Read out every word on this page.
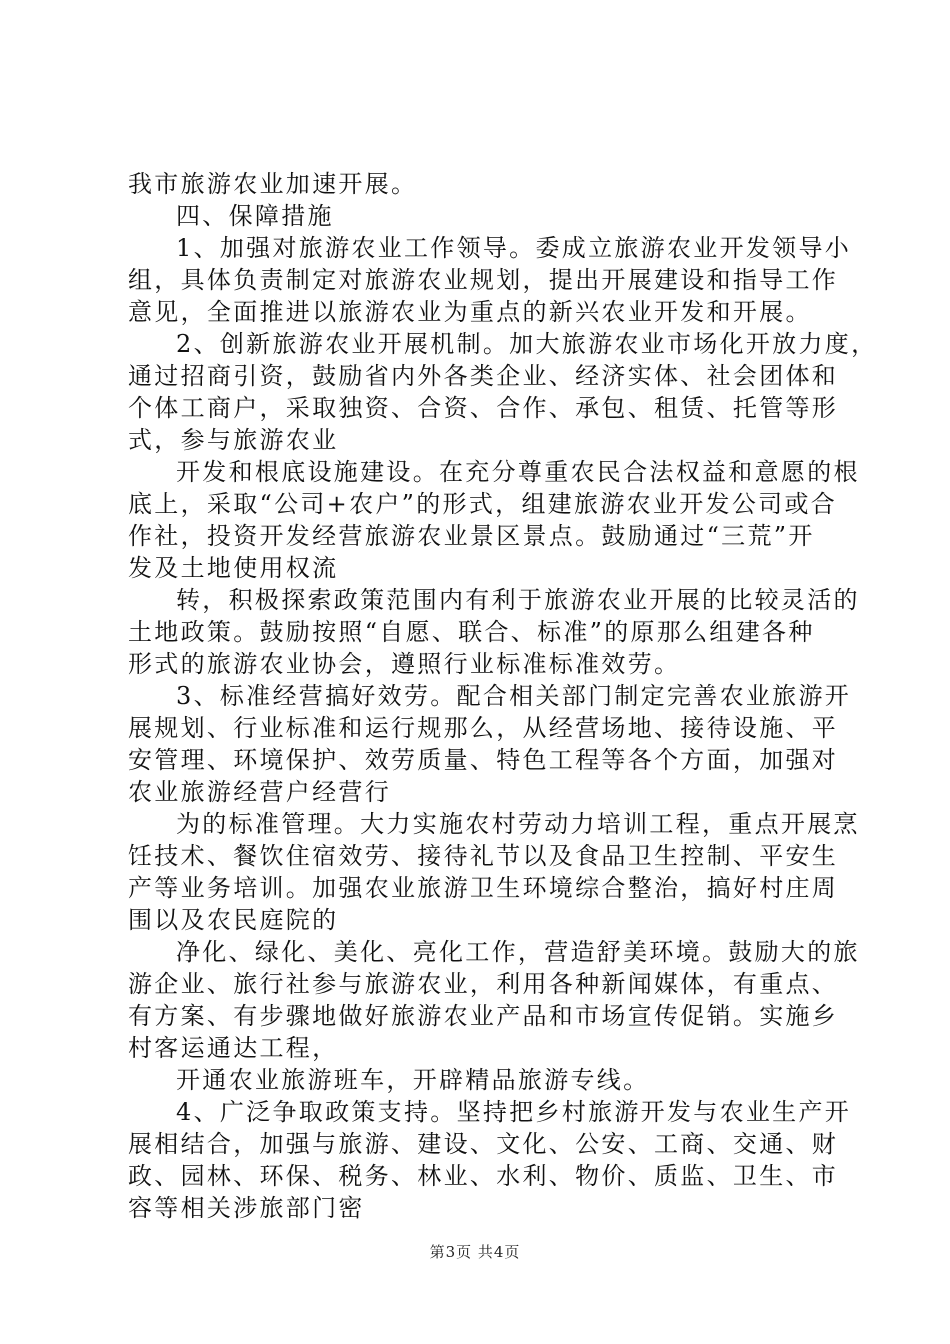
我市旅游农业加速开展。
四、保障措施
1、加强对旅游农业工作领导。委成立旅游农业开发领导小
组，具体负责制定对旅游农业规划，提出开展建设和指导工作
意见，全面推进以旅游农业为重点的新兴农业开发和开展。
2、创新旅游农业开展机制。加大旅游农业市场化开放力度，
通过招商引资，鼓励省内外各类企业、经济实体、社会团体和
个体工商户，采取独资、合资、合作、承包、租赁、托管等形
式，参与旅游农业
开发和根底设施建设。在充分尊重农民合法权益和意愿的根
底上，采取“公司+农户”的形式，组建旅游农业开发公司或合
作社，投资开发经营旅游农业景区景点。鼓励通过“三荒”开
发及土地使用权流
转，积极探索政策范围内有利于旅游农业开展的比较灵活的
土地政策。鼓励按照“自愿、联合、标准”的原那么组建各种
形式的旅游农业协会，遵照行业标准标准效劳。
3、标准经营搞好效劳。配合相关部门制定完善农业旅游开
展规划、行业标准和运行规那么，从经营场地、接待设施、平
安管理、环境保护、效劳质量、特色工程等各个方面，加强对
农业旅游经营户经营行
为的标准管理。大力实施农村劳动力培训工程，重点开展烹
饪技术、餐饮住宿效劳、接待礼节以及食品卫生控制、平安生
产等业务培训。加强农业旅游卫生环境综合整治，搞好村庄周
围以及农民庭院的
净化、绿化、美化、亮化工作，营造舒美环境。鼓励大的旅
游企业、旅行社参与旅游农业，利用各种新闻媒体，有重点、
有方案、有步骤地做好旅游农业产品和市场宣传促销。实施乡
村客运通达工程，
开通农业旅游班车，开辟精品旅游专线。
4、广泛争取政策支持。坚持把乡村旅游开发与农业生产开
展相结合，加强与旅游、建设、文化、公安、工商、交通、财
政、园林、环保、税务、林业、水利、物价、质监、卫生、市
容等相关涉旅部门密
第3页 共4页
